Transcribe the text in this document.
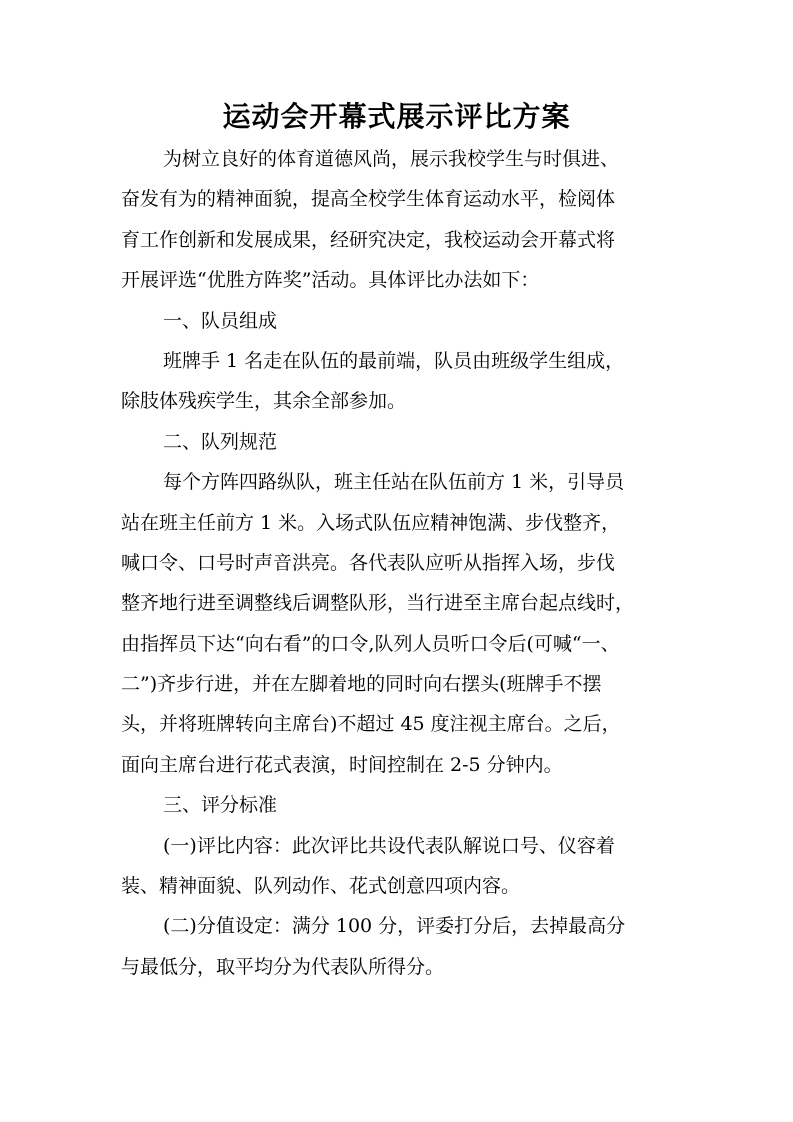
运动会开幕式展示评比方案
为树立良好的体育道德风尚，展示我校学生与时俱进、
奋发有为的精神面貌，提高全校学生体育运动水平，检阅体
育工作创新和发展成果，经研究决定，我校运动会开幕式将
开展评选“优胜方阵奖”活动。具体评比办法如下：
一、队员组成
班牌手 1 名走在队伍的最前端，队员由班级学生组成，
除肢体残疾学生，其余全部参加。
二、队列规范
每个方阵四路纵队，班主任站在队伍前方 1 米，引导员
站在班主任前方 1 米。入场式队伍应精神饱满、步伐整齐，
喊口令、口号时声音洪亮。各代表队应听从指挥入场，步伐
整齐地行进至调整线后调整队形，当行进至主席台起点线时，
由指挥员下达“向右看”的口令,队列人员听口令后(可喊“一、
二”)齐步行进，并在左脚着地的同时向右摆头(班牌手不摆
头，并将班牌转向主席台)不超过 45 度注视主席台。之后，
面向主席台进行花式表演，时间控制在 2-5 分钟内。
三、评分标准
(一)评比内容：此次评比共设代表队解说口号、仪容着
装、精神面貌、队列动作、花式创意四项内容。
(二)分值设定：满分 100 分，评委打分后，去掉最高分
与最低分，取平均分为代表队所得分。
